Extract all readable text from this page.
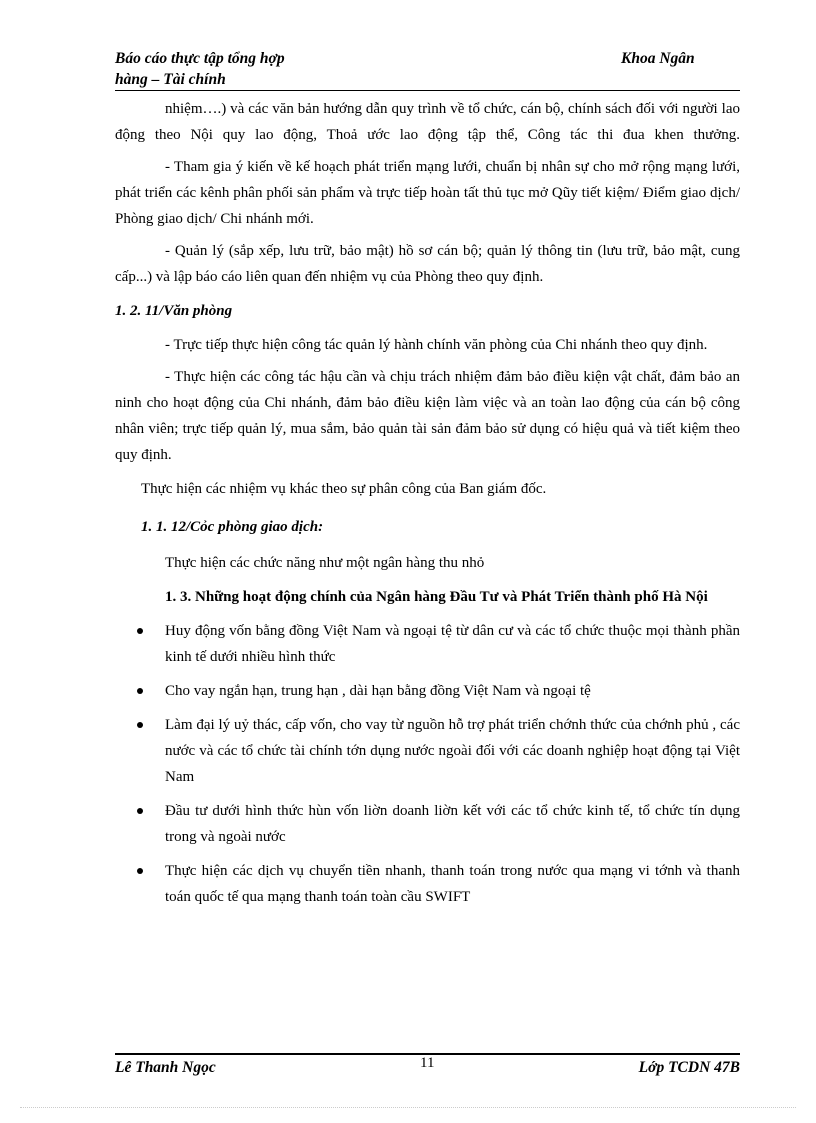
Báo cáo thực tập tổng hợp
hàng – Tài chính
Khoa Ngân

nhiệm….) và các văn bản hướng dẫn quy trình về tổ chức, cán bộ, chính sách đối với người lao động theo Nội quy lao động, Thoả ước lao động tập thể, Công tác thi đua khen thưởng.

- Tham gia ý kiến về kế hoạch phát triển mạng lưới, chuẩn bị nhân sự cho mở rộng mạng lưới, phát triển các kênh phân phối sản phẩm và trực tiếp hoàn tất thủ tục mở Qũy tiết kiệm/ Điểm giao dịch/ Phòng giao dịch/ Chi nhánh mới.

- Quản lý (sắp xếp, lưu trữ, bảo mật) hồ sơ cán bộ; quản lý thông tin (lưu trữ, bảo mật, cung cấp...) và lập báo cáo liên quan đến nhiệm vụ của Phòng theo quy định.

1. 2. 11/Văn phòng

- Trực tiếp thực hiện công tác quản lý hành chính văn phòng của Chi nhánh theo quy định.

- Thực hiện các công tác hậu cần và chịu trách nhiệm đảm bảo điều kiện vật chất, đảm bảo an ninh cho hoạt động của Chi nhánh, đảm bảo điều kiện làm việc và an toàn lao động của cán bộ công nhân viên; trực tiếp quản lý, mua sắm, bảo quản tài sản đảm bảo sử dụng có hiệu quả và tiết kiệm theo quy định.

Thực hiện các nhiệm vụ khác theo sự phân công của Ban giám đốc.

1. 1. 12/Cỏc phòng giao dịch:

Thực hiện các chức năng như một ngân hàng thu nhỏ

1. 3. Những hoạt động chính của Ngân hàng Đầu Tư và Phát Triển thành phố Hà Nội

Huy động vốn bằng đồng Việt Nam và ngoại tệ từ dân cư và các tổ chức thuộc mọi thành phần kinh tế dưới nhiều hình thức
Cho vay ngắn hạn, trung hạn , dài hạn bằng đồng Việt Nam và ngoại tệ
Làm đại lý uỷ thác, cấp vốn, cho vay từ nguồn hỗ trợ phát triển chớnh thức của chớnh phủ , các nước và các tổ chức tài chính tớn dụng nước ngoài đối với các doanh nghiệp hoạt động tại Việt Nam
Đầu tư dưới hình thức hùn vốn liờn doanh liờn kết với các tổ chức kinh tế, tổ chức tín dụng trong và ngoài nước
Thực hiện các dịch vụ chuyển tiền nhanh, thanh toán trong nước qua mạng vi tớnh và thanh toán quốc tế qua mạng thanh toán toàn cầu SWIFT
Lê Thanh Ngọc	11	Lớp TCDN 47B
